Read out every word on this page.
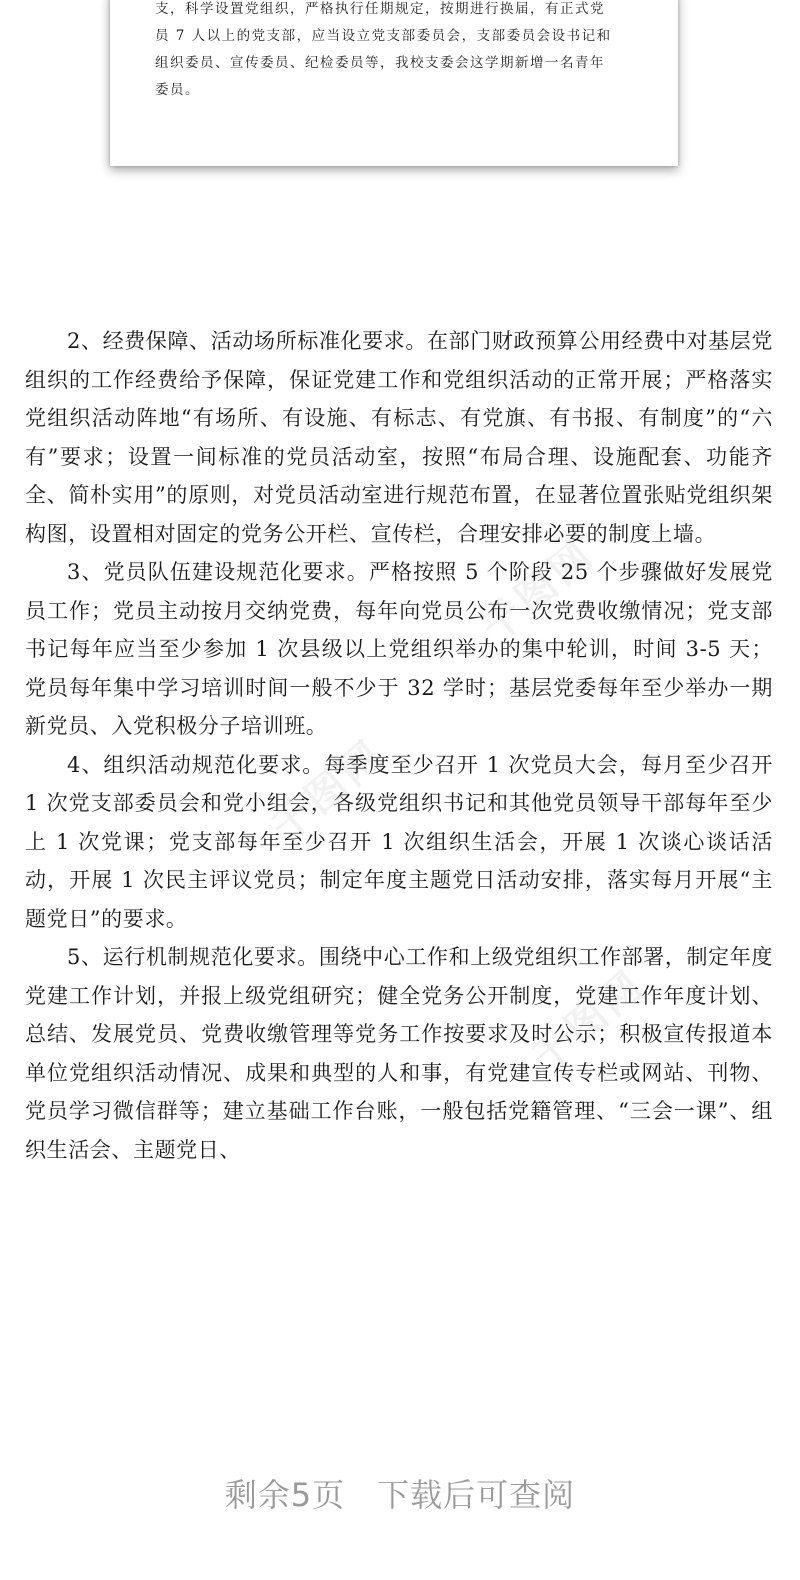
支，科学设置党组织，严格执行任期规定，按期进行换届，有正式党
员 7 人以上的党支部，应当设立党支部委员会，支部委员会设书记和
组织委员、宣传委员、纪检委员等，我校支委会这学期新增一名青年
委员。
千图网
千图网
千图网

2、经费保障、活动场所标准化要求。在部门财政预算公用经费中对基层党组织的工作经费给予保障，保证党建工作和党组织活动的正常开展；严格落实党组织活动阵地“有场所、有设施、有标志、有党旗、有书报、有制度”的“六有”要求；设置一间标准的党员活动室，按照“布局合理、设施配套、功能齐全、简朴实用”的原则，对党员活动室进行规范布置，在显著位置张贴党组织架构图，设置相对固定的党务公开栏、宣传栏，合理安排必要的制度上墙。

3、党员队伍建设规范化要求。严格按照 5 个阶段 25 个步骤做好发展党员工作；党员主动按月交纳党费，每年向党员公布一次党费收缴情况；党支部书记每年应当至少参加 1 次县级以上党组织举办的集中轮训，时间 3-5 天；党员每年集中学习培训时间一般不少于 32 学时；基层党委每年至少举办一期新党员、入党积极分子培训班。

4、组织活动规范化要求。每季度至少召开 1 次党员大会，每月至少召开 1 次党支部委员会和党小组会，各级党组织书记和其他党员领导干部每年至少上 1 次党课；党支部每年至少召开 1 次组织生活会，开展 1 次谈心谈话活动，开展 1 次民主评议党员；制定年度主题党日活动安排，落实每月开展“主题党日”的要求。

5、运行机制规范化要求。围绕中心工作和上级党组织工作部署，制定年度党建工作计划，并报上级党组研究；健全党务公开制度，党建工作年度计划、总结、发展党员、党费收缴管理等党务工作按要求及时公示；积极宣传报道本单位党组织活动情况、成果和典型的人和事，有党建宣传专栏或网站、刊物、党员学习微信群等；建立基础工作台账，一般包括党籍管理、“三会一课”、组织生活会、主题党日、

剩余5页 下载后可查阅
